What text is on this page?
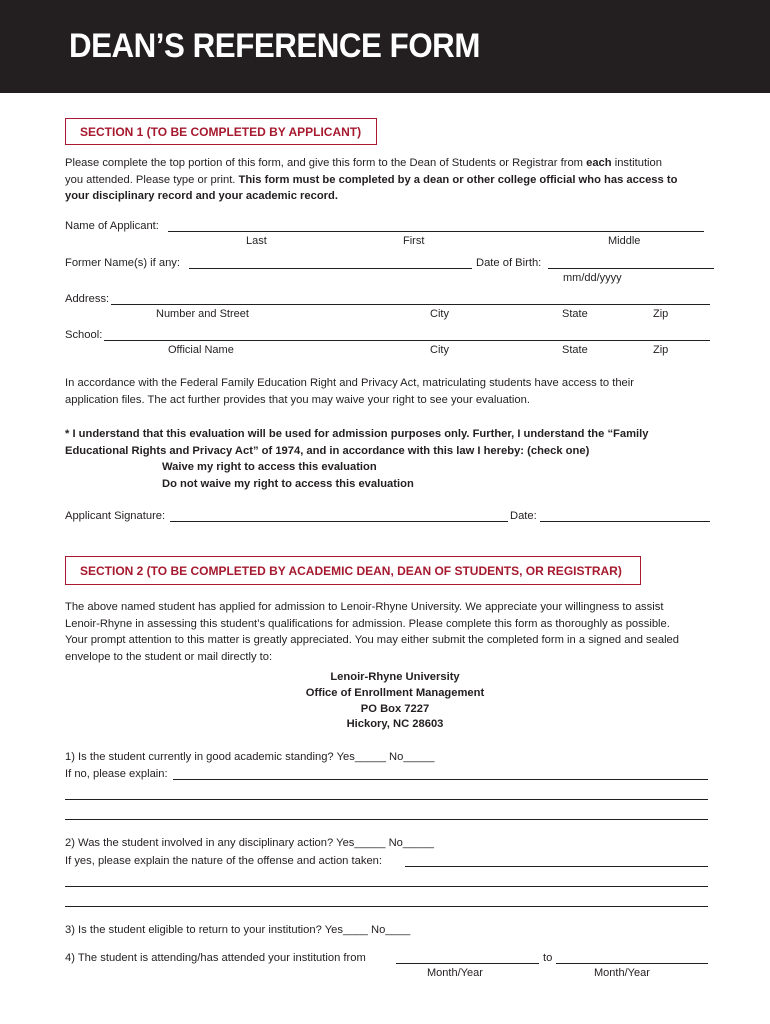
DEAN’S REFERENCE FORM
SECTION 1 (TO BE COMPLETED BY APPLICANT)
Please complete the top portion of this form, and give this form to the Dean of Students or Registrar from each institution
you attended. Please type or print. This form must be completed by a dean or other college official who has access to
your disciplinary record and your academic record.
Name of Applicant:
Last	First	Middle
Former Name(s) if any:	Date of Birth:
mm/dd/yyyy
Address:
Number and Street	City	State	Zip
School:
Official Name	City	State	Zip
In accordance with the Federal Family Education Right and Privacy Act, matriculating students have access to their
application files. The act further provides that you may waive your right to see your evaluation.
* I understand that this evaluation will be used for admission purposes only. Further, I understand the “Family
Educational Rights and Privacy Act” of 1974, and in accordance with this law I hereby: (check one)
Waive my right to access this evaluation
Do not waive my right to access this evaluation
Applicant Signature:	Date:
SECTION 2 (TO BE COMPLETED BY ACADEMIC DEAN, DEAN OF STUDENTS, OR REGISTRAR)
The above named student has applied for admission to Lenoir-Rhyne University. We appreciate your willingness to assist
Lenoir-Rhyne in assessing this student’s qualifications for admission. Please complete this form as thoroughly as possible.
Your prompt attention to this matter is greatly appreciated. You may either submit the completed form in a signed and sealed
envelope to the student or mail directly to:
Lenoir-Rhyne University
Office of Enrollment Management
PO Box 7227
Hickory, NC 28603
1) Is the student currently in good academic standing? Yes_____ No_____
If no, please explain:
2) Was the student involved in any disciplinary action? Yes_____ No_____
If yes, please explain the nature of the offense and action taken:
3) Is the student eligible to return to your institution? Yes____ No____
4) The student is attending/has attended your institution from	to
Month/Year	Month/Year
